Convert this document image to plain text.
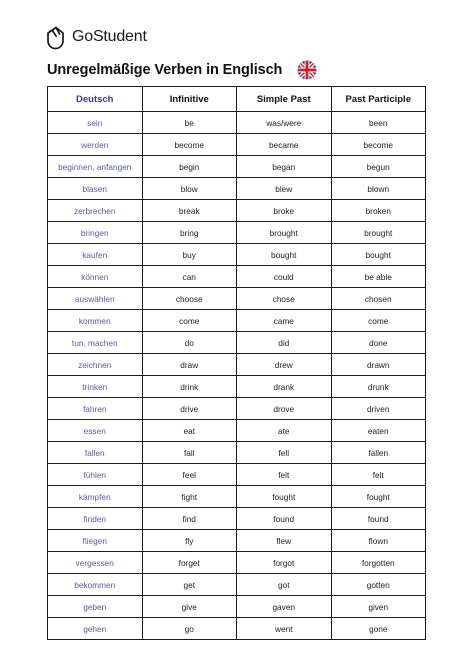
GoStudent
Unregelmäßige Verben in Englisch
Deutsch	Infinitive	Simple Past	Past Participle
sein	be	was/were	been
werden	become	became	become
beginnen, anfangen	begin	began	begun
blasen	blow	blew	blown
zerbrechen	break	broke	broken
bringen	bring	brought	brought
kaufen	buy	bought	bought
können	can	could	be able
auswählen	choose	chose	chosen
kommen	come	came	come
tun, machen	do	did	done
zeichnen	draw	drew	drawn
trinken	drink	drank	drunk
fahren	drive	drove	driven
essen	eat	ate	eaten
fallen	fall	fell	fallen
fühlen	feel	felt	felt
kämpfen	fight	fought	fought
finden	find	found	found
fliegen	fly	flew	flown
vergessen	forget	forgot	forgotten
bekommen	get	got	gotten
geben	give	gaven	given
gehen	go	went	gone
